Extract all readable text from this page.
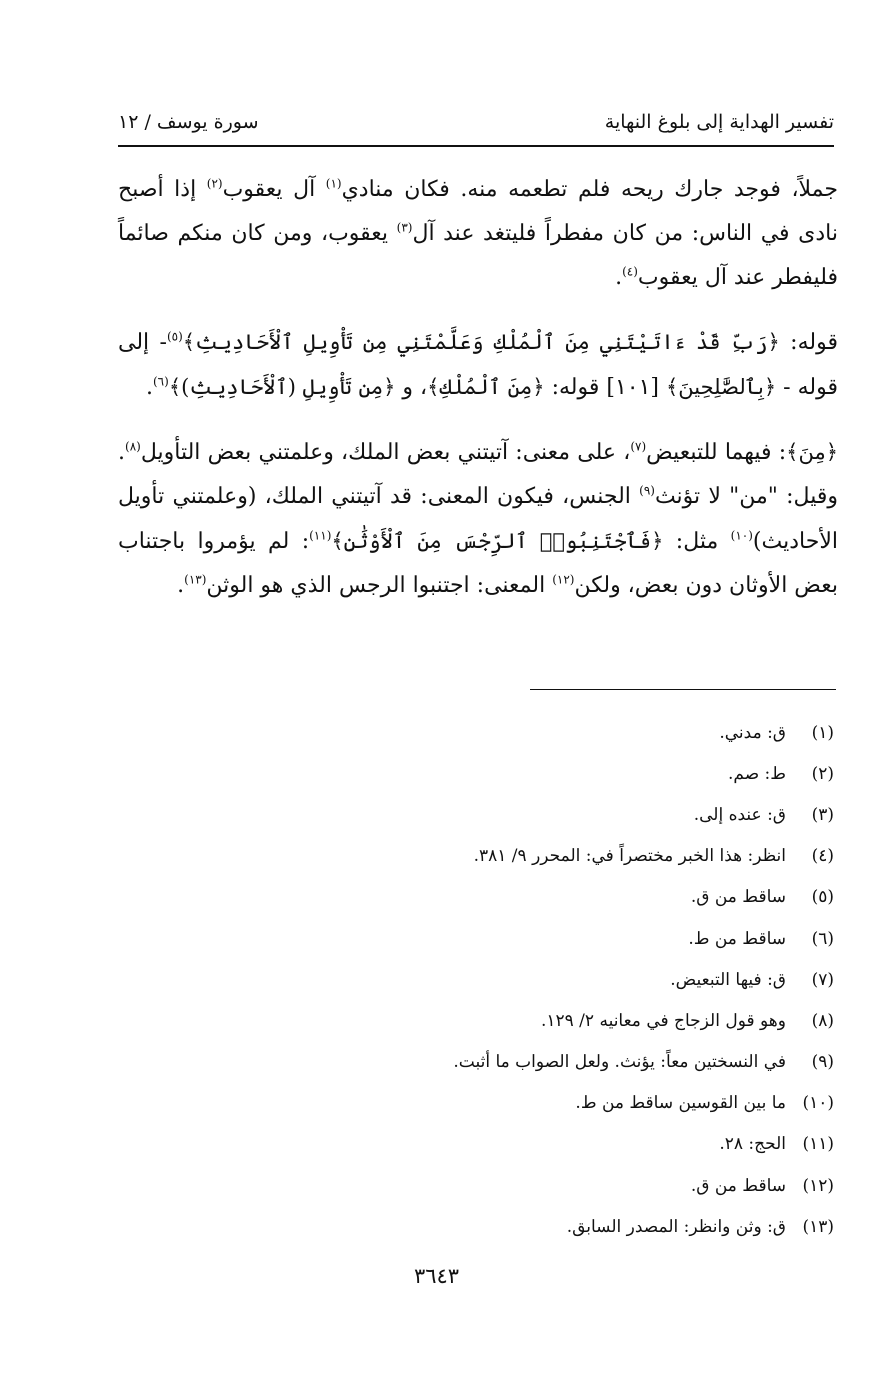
تفسير الهداية إلى بلوغ النهاية
سورة يوسف / ١٢

جملاً، فوجد جارك ريحه فلم تطعمه منه. فكان منادي$^{(١)}$ آل يعقوب$^{(٢)}$ إذا أصبح نادى في الناس: من كان مفطراً فليتغد عند آل$^{(٣)}$ يعقوب، ومن كان منكم صائماً فليفطر عند آل يعقوب$^{(٤)}$.

قوله: ﴿رَبِّ قَدْ ءَاتَيْتَنِي مِنَ ٱلْمُلْكِ وَعَلَّمْتَنِي مِن تَأْوِيلِ ٱلْأَحَادِيثِ﴾$^{(٥)}$- إلى قوله - ﴿بِٱلصَّٰلِحِينَ﴾ [١٠١] قوله: ﴿مِنَ ٱلْمُلْكِ﴾، و ﴿مِن تَأْوِيلِ (ٱلْأَحَادِيثِ)﴾$^{(٦)}$.

﴿مِنَ﴾: فيهما للتبعيض$^{(٧)}$، على معنى: آتيتني بعض الملك، وعلمتني بعض التأويل$^{(٨)}$. وقيل: "من" لا تؤنث$^{(٩)}$ الجنس، فيكون المعنى: قد آتيتني الملك، (وعلمتني تأويل الأحاديث)$^{(١٠)}$ مثل: ﴿فَٱجْتَنِبُوا۟ ٱلرِّجْسَ مِنَ ٱلْأَوْثَٰنِ﴾$^{(١١)}$: لم يؤمروا باجتناب بعض الأوثان دون بعض، ولكن$^{(١٢)}$ المعنى: اجتنبوا الرجس الذي هو الوثن$^{(١٣)}$.

(١)
ق: مدني.
(٢)
ط: صم.
(٣)
ق: عنده إلى.
(٤)
انظر: هذا الخبر مختصراً في: المحرر ٩/ ٣٨١.
(٥)
ساقط من ق.
(٦)
ساقط من ط.
(٧)
ق: فيها التبعيض.
(٨)
وهو قول الزجاج في معانيه ٢/ ١٢٩.
(٩)
في النسختين معاً: يؤنث. ولعل الصواب ما أثبت.
(١٠)
ما بين القوسين ساقط من ط.
(١١)
الحج: ٢٨.
(١٢)
ساقط من ق.
(١٣)
ق: وثن وانظر: المصدر السابق.
٣٦٤٣
